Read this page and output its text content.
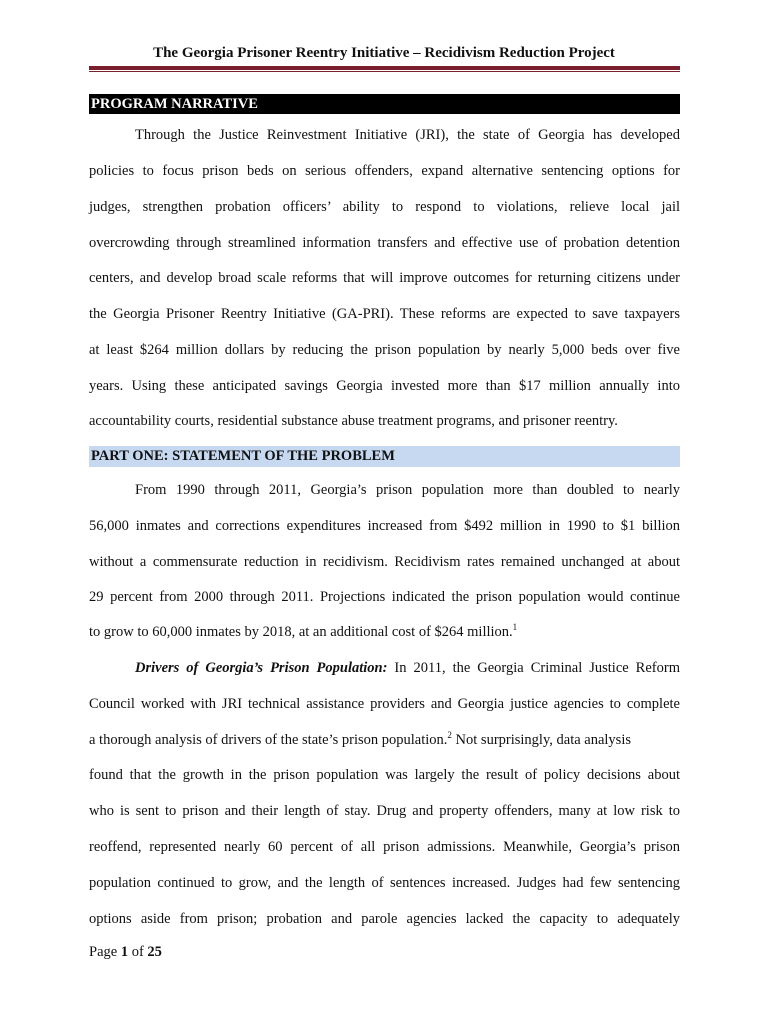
The Georgia Prisoner Reentry Initiative – Recidivism Reduction Project
PROGRAM NARRATIVE
Through the Justice Reinvestment Initiative (JRI), the state of Georgia has developed
policies to focus prison beds on serious offenders, expand alternative sentencing options for
judges, strengthen probation officers’ ability to respond to violations, relieve local jail
overcrowding through streamlined information transfers and effective use of probation detention
centers, and develop broad scale reforms that will improve outcomes for returning citizens under
the Georgia Prisoner Reentry Initiative (GA-PRI). These reforms are expected to save taxpayers
at least $264 million dollars by reducing the prison population by nearly 5,000 beds over five
years. Using these anticipated savings Georgia invested more than $17 million annually into
accountability courts, residential substance abuse treatment programs, and prisoner reentry.
PART ONE: STATEMENT OF THE PROBLEM
From 1990 through 2011, Georgia’s prison population more than doubled to nearly
56,000 inmates and corrections expenditures increased from $492 million in 1990 to $1 billion
without a commensurate reduction in recidivism. Recidivism rates remained unchanged at about
29 percent from 2000 through 2011. Projections indicated the prison population would continue
to grow to 60,000 inmates by 2018, at an additional cost of $264 million.$^1$
Drivers of Georgia’s Prison Population: In 2011, the Georgia Criminal Justice Reform
Council worked with JRI technical assistance providers and Georgia justice agencies to complete
a thorough analysis of drivers of the state’s prison population.$^2$ Not surprisingly, data analysis
found that the growth in the prison population was largely the result of policy decisions about
who is sent to prison and their length of stay. Drug and property offenders, many at low risk to
reoffend, represented nearly 60 percent of all prison admissions. Meanwhile, Georgia’s prison
population continued to grow, and the length of sentences increased. Judges had few sentencing
options aside from prison; probation and parole agencies lacked the capacity to adequately
Page 1 of 25
